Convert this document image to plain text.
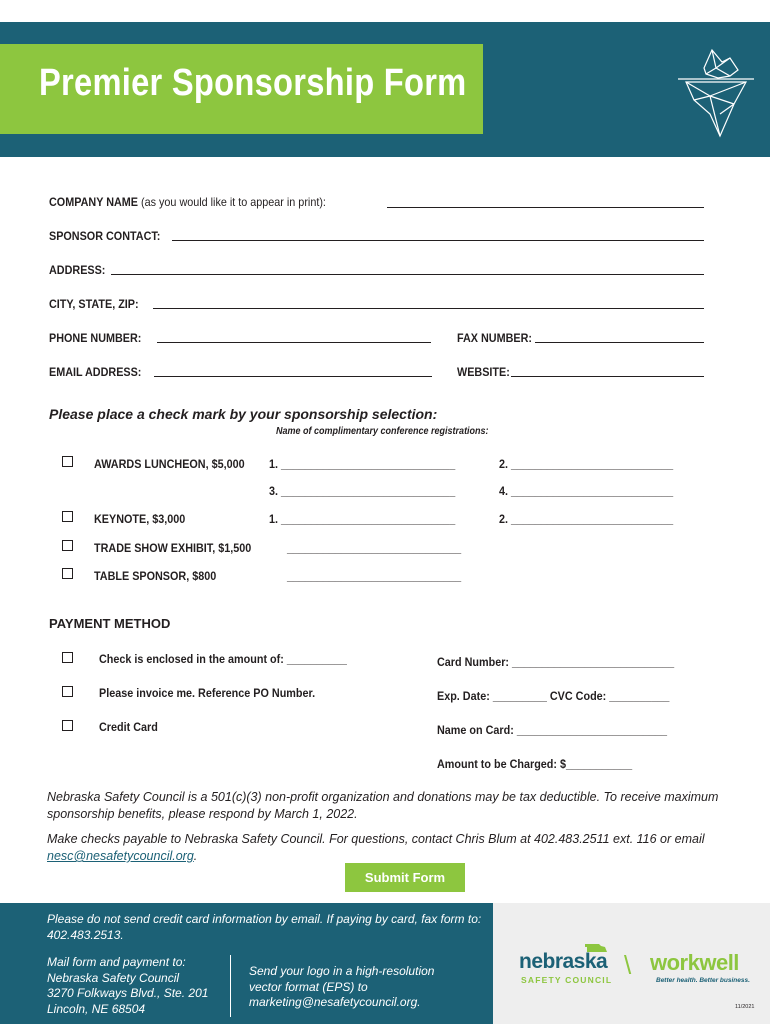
Premier Sponsorship Form
COMPANY NAME (as you would like it to appear in print):
SPONSOR CONTACT:
ADDRESS:
CITY, STATE, ZIP:
PHONE NUMBER:	FAX NUMBER:
EMAIL ADDRESS:	WEBSITE:
Please place a check mark by your sponsorship selection:
Name of complimentary conference registrations:
AWARDS LUNCHEON, $5,000 1. _____________________________	2. ___________________________
3. _____________________________	4. ___________________________
KEYNOTE, $3,000	1. _____________________________	2. ___________________________
TRADE SHOW EXHIBIT, $1,500	_____________________________
TABLE SPONSOR, $800	_____________________________
PAYMENT METHOD
Check is enclosed in the amount of: __________	Card Number: ___________________________
Please invoice me. Reference PO Number.	Exp. Date: _________ CVC Code: __________
Credit Card	Name on Card: _________________________
Amount to be Charged: $___________
Nebraska Safety Council is a 501(c)(3) non-profit organization and donations may be tax deductible. To receive maximum sponsorship benefits, please respond by March 1, 2022.
Make checks payable to Nebraska Safety Council. For questions, contact Chris Blum at 402.483.2511 ext. 116 or email nesc@nesafetycouncil.org.
Submit Form
Please do not send credit card information by email. If paying by card, fax form to:
402.483.2513.
Mail form and payment to:
Nebraska Safety Council
3270 Folkways Blvd., Ste. 201
Lincoln, NE 68504
Send your logo in a high-resolution
vector format (EPS) to
marketing@nesafetycouncil.org.
nebraska
SAFETY COUNCIL \ workwell
Better health. Better business.
11/2021
